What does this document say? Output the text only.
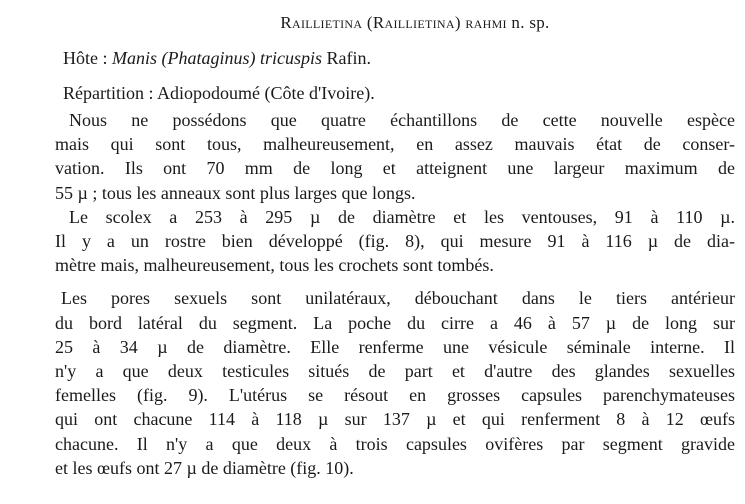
Raillietina (Raillietina) rahmi n. sp.

Hôte : Manis (Phataginus) tricuspis Rafin.

Répartition : Adiopodoumé (Côte d'Ivoire).

Nous ne possédons que quatre échantillons de cette nouvelle espèce
mais qui sont tous, malheureusement, en assez mauvais état de conser-
vation. Ils ont 70 mm de long et atteignent une largeur maximum de
55 µ ; tous les anneaux sont plus larges que longs.
Le scolex a 253 à 295 µ de diamètre et les ventouses, 91 à 110 µ.
Il y a un rostre bien développé (fig. 8), qui mesure 91 à 116 µ de dia-
mètre mais, malheureusement, tous les crochets sont tombés.
Les pores sexuels sont unilatéraux, débouchant dans le tiers antérieur
du bord latéral du segment. La poche du cirre a 46 à 57 µ de long sur
25 à 34 µ de diamètre. Elle renferme une vésicule séminale interne. Il
n'y a que deux testicules situés de part et d'autre des glandes sexuelles
femelles (fig. 9). L'utérus se résout en grosses capsules parenchymateuses
qui ont chacune 114 à 118 µ sur 137 µ et qui renferment 8 à 12 œufs
chacune. Il n'y a que deux à trois capsules ovifères par segment gravide
et les œufs ont 27 µ de diamètre (fig. 10).
